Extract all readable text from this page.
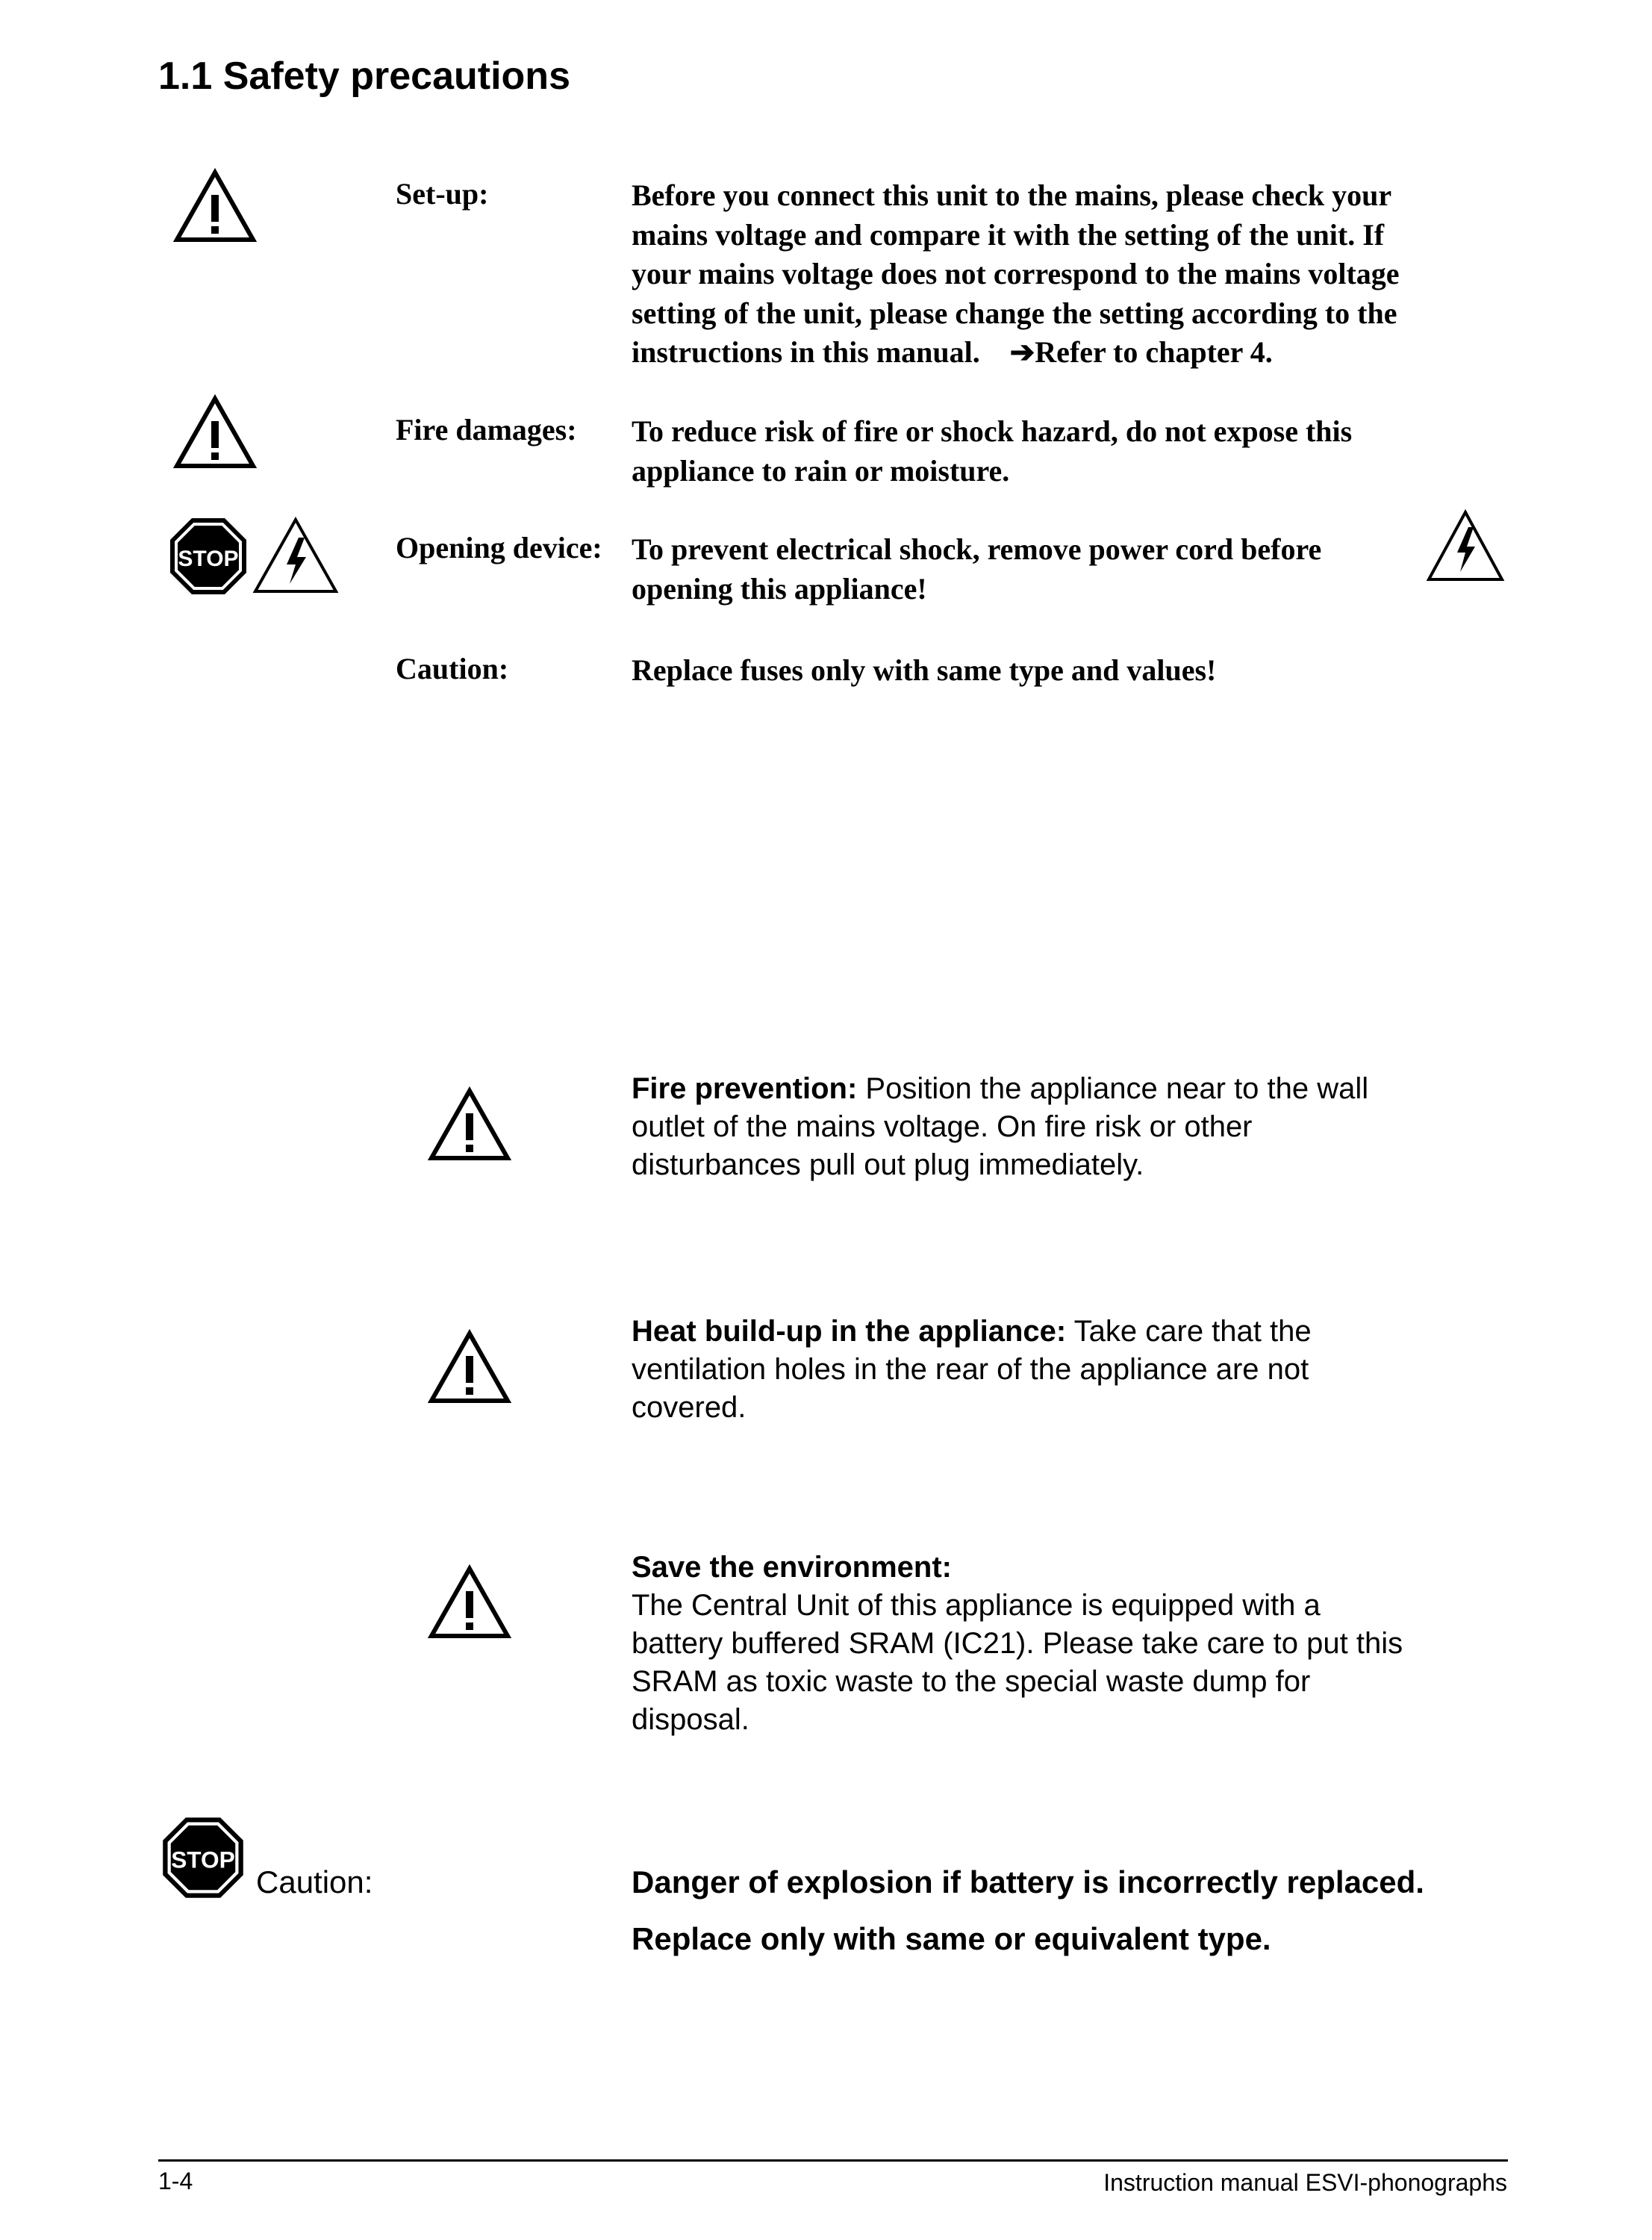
1.1 Safety precautions
Set-up:	Before you connect this unit to the mains, please check your
mains voltage and compare it with the setting of the unit. If
your mains voltage does not correspond to the mains voltage
setting of the unit, please change the setting according to the
instructions in this manual. ➔Refer to chapter 4.
Fire damages: To reduce risk of fire or shock hazard, do not expose this
appliance to rain or moisture.
STOP	Opening device: To prevent electrical shock, remove power cord before
opening this appliance!
Caution:	Replace fuses only with same type and values!
Fire prevention: Position the appliance near to the wall
outlet of the mains voltage. On fire risk or other
disturbances pull out plug immediately.
Heat build-up in the appliance: Take care that the
ventilation holes in the rear of the appliance are not
covered.
Save the environment:
The Central Unit of this appliance is equipped with a
battery buffered SRAM (IC21). Please take care to put this
SRAM as toxic waste to the special waste dump for
disposal.
STOP
Caution:	Danger of explosion if battery is incorrectly replaced.
Replace only with same or equivalent type.
1-4	Instruction manual ESVI-phonographs
